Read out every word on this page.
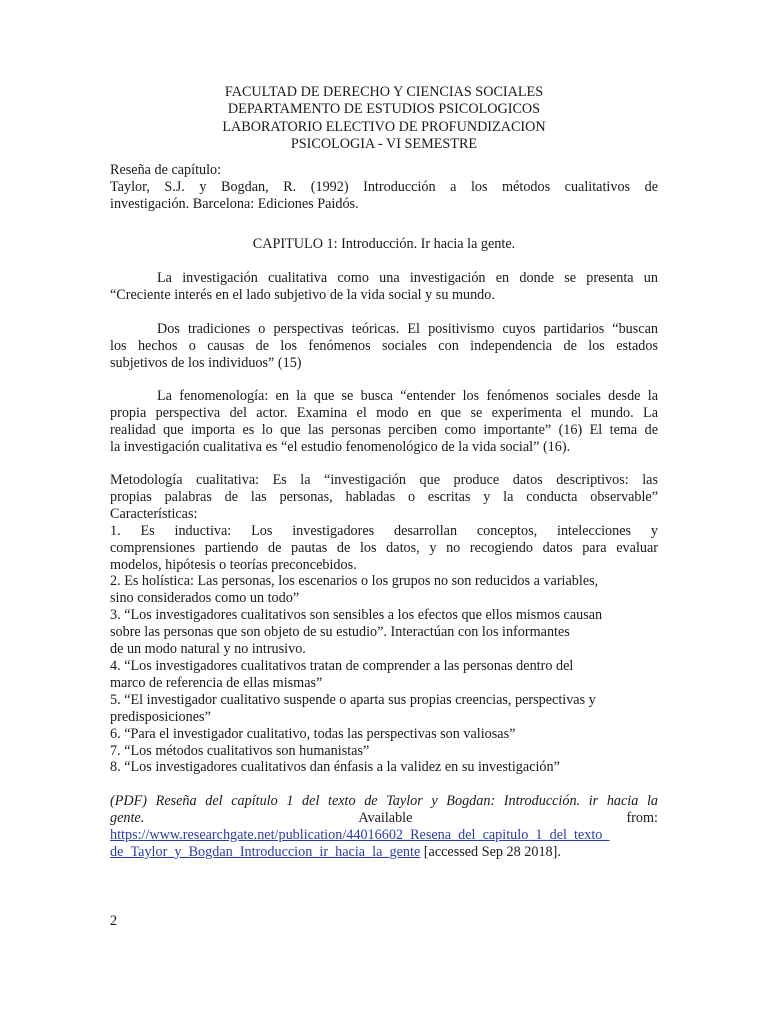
FACULTAD DE DERECHO Y CIENCIAS SOCIALES
DEPARTAMENTO DE ESTUDIOS PSICOLOGICOS
LABORATORIO ELECTIVO DE PROFUNDIZACION
PSICOLOGIA - VI SEMESTRE
Reseña de capítulo:
Taylor, S.J. y Bogdan, R. (1992) Introducción a los métodos cualitativos de
investigación. Barcelona: Ediciones Paidós.
CAPITULO 1: Introducción. Ir hacia la gente.
La investigación cualitativa como una investigación en donde se presenta un
“Creciente interés en el lado subjetivo de la vida social y su mundo.
Dos tradiciones o perspectivas teóricas. El positivismo cuyos partidarios “buscan
los hechos o causas de los fenómenos sociales con independencia de los estados
subjetivos de los individuos” (15)
La fenomenología: en la que se busca “entender los fenómenos sociales desde la
propia perspectiva del actor. Examina el modo en que se experimenta el mundo. La
realidad que importa es lo que las personas perciben como importante” (16) El tema de
la investigación cualitativa es “el estudio fenomenológico de la vida social” (16).
Metodología cualitativa: Es la “investigación que produce datos descriptivos: las
propias palabras de las personas, habladas o escritas y la conducta observable”
Características:
1. Es inductiva: Los investigadores desarrollan conceptos, intelecciones y
comprensiones partiendo de pautas de los datos, y no recogiendo datos para evaluar
modelos, hipótesis o teorías preconcebidos.
2. Es holística: Las personas, los escenarios o los grupos no son reducidos a variables,
sino considerados como un todo”
3. “Los investigadores cualitativos son sensibles a los efectos que ellos mismos causan
sobre las personas que son objeto de su estudio”. Interactúan con los informantes
de un modo natural y no intrusivo.
4. “Los investigadores cualitativos tratan de comprender a las personas dentro del
marco de referencia de ellas mismas”
5. “El investigador cualitativo suspende o aparta sus propias creencias, perspectivas y
predisposiciones”
6. “Para el investigador cualitativo, todas las perspectivas son valiosas”
7. “Los métodos cualitativos son humanistas”
8. “Los investigadores cualitativos dan énfasis a la validez en su investigación”
(PDF) Reseña del capítulo 1 del texto de Taylor y Bogdan: Introducción. ir hacia la
gente.	Available	from:
https://www.researchgate.net/publication/44016602_Resena_del_capitulo_1_del_texto_
de_Taylor_y_Bogdan_Introduccion_ir_hacia_la_gente [accessed Sep 28 2018].
2
